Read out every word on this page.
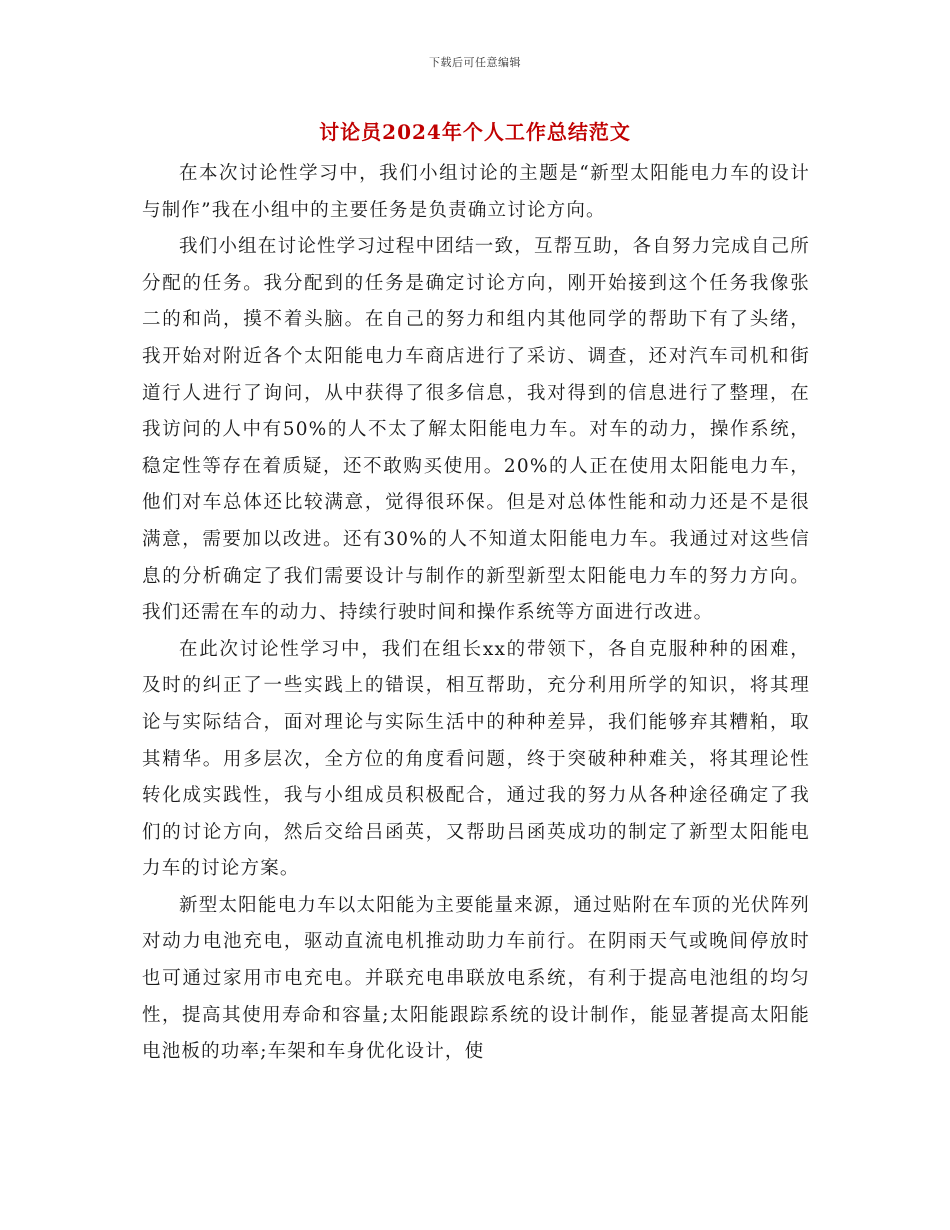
下载后可任意编辑
讨论员2024年个人工作总结范文

在本次讨论性学习中，我们小组讨论的主题是“新型太阳能电力车的设计与制作”我在小组中的主要任务是负责确立讨论方向。

我们小组在讨论性学习过程中团结一致，互帮互助，各自努力完成自己所分配的任务。我分配到的任务是确定讨论方向，刚开始接到这个任务我像张二的和尚，摸不着头脑。在自己的努力和组内其他同学的帮助下有了头绪，我开始对附近各个太阳能电力车商店进行了采访、调查，还对汽车司机和街道行人进行了询问，从中获得了很多信息，我对得到的信息进行了整理，在我访问的人中有50%的人不太了解太阳能电力车。对车的动力，操作系统，稳定性等存在着质疑，还不敢购买使用。20%的人正在使用太阳能电力车，他们对车总体还比较满意，觉得很环保。但是对总体性能和动力还是不是很满意，需要加以改进。还有30%的人不知道太阳能电力车。我通过对这些信息的分析确定了我们需要设计与制作的新型新型太阳能电力车的努力方向。我们还需在车的动力、持续行驶时间和操作系统等方面进行改进。

在此次讨论性学习中，我们在组长xx的带领下，各自克服种种的困难，及时的纠正了一些实践上的错误，相互帮助，充分利用所学的知识，将其理论与实际结合，面对理论与实际生活中的种种差异，我们能够弃其糟粕，取其精华。用多层次，全方位的角度看问题，终于突破种种难关，将其理论性转化成实践性，我与小组成员积极配合，通过我的努力从各种途径确定了我们的讨论方向，然后交给吕函英，又帮助吕函英成功的制定了新型太阳能电力车的讨论方案。

新型太阳能电力车以太阳能为主要能量来源，通过贴附在车顶的光伏阵列对动力电池充电，驱动直流电机推动助力车前行。在阴雨天气或晚间停放时也可通过家用市电充电。并联充电串联放电系统，有利于提高电池组的均匀性，提高其使用寿命和容量;太阳能跟踪系统的设计制作，能显著提高太阳能电池板的功率;车架和车身优化设计，使
